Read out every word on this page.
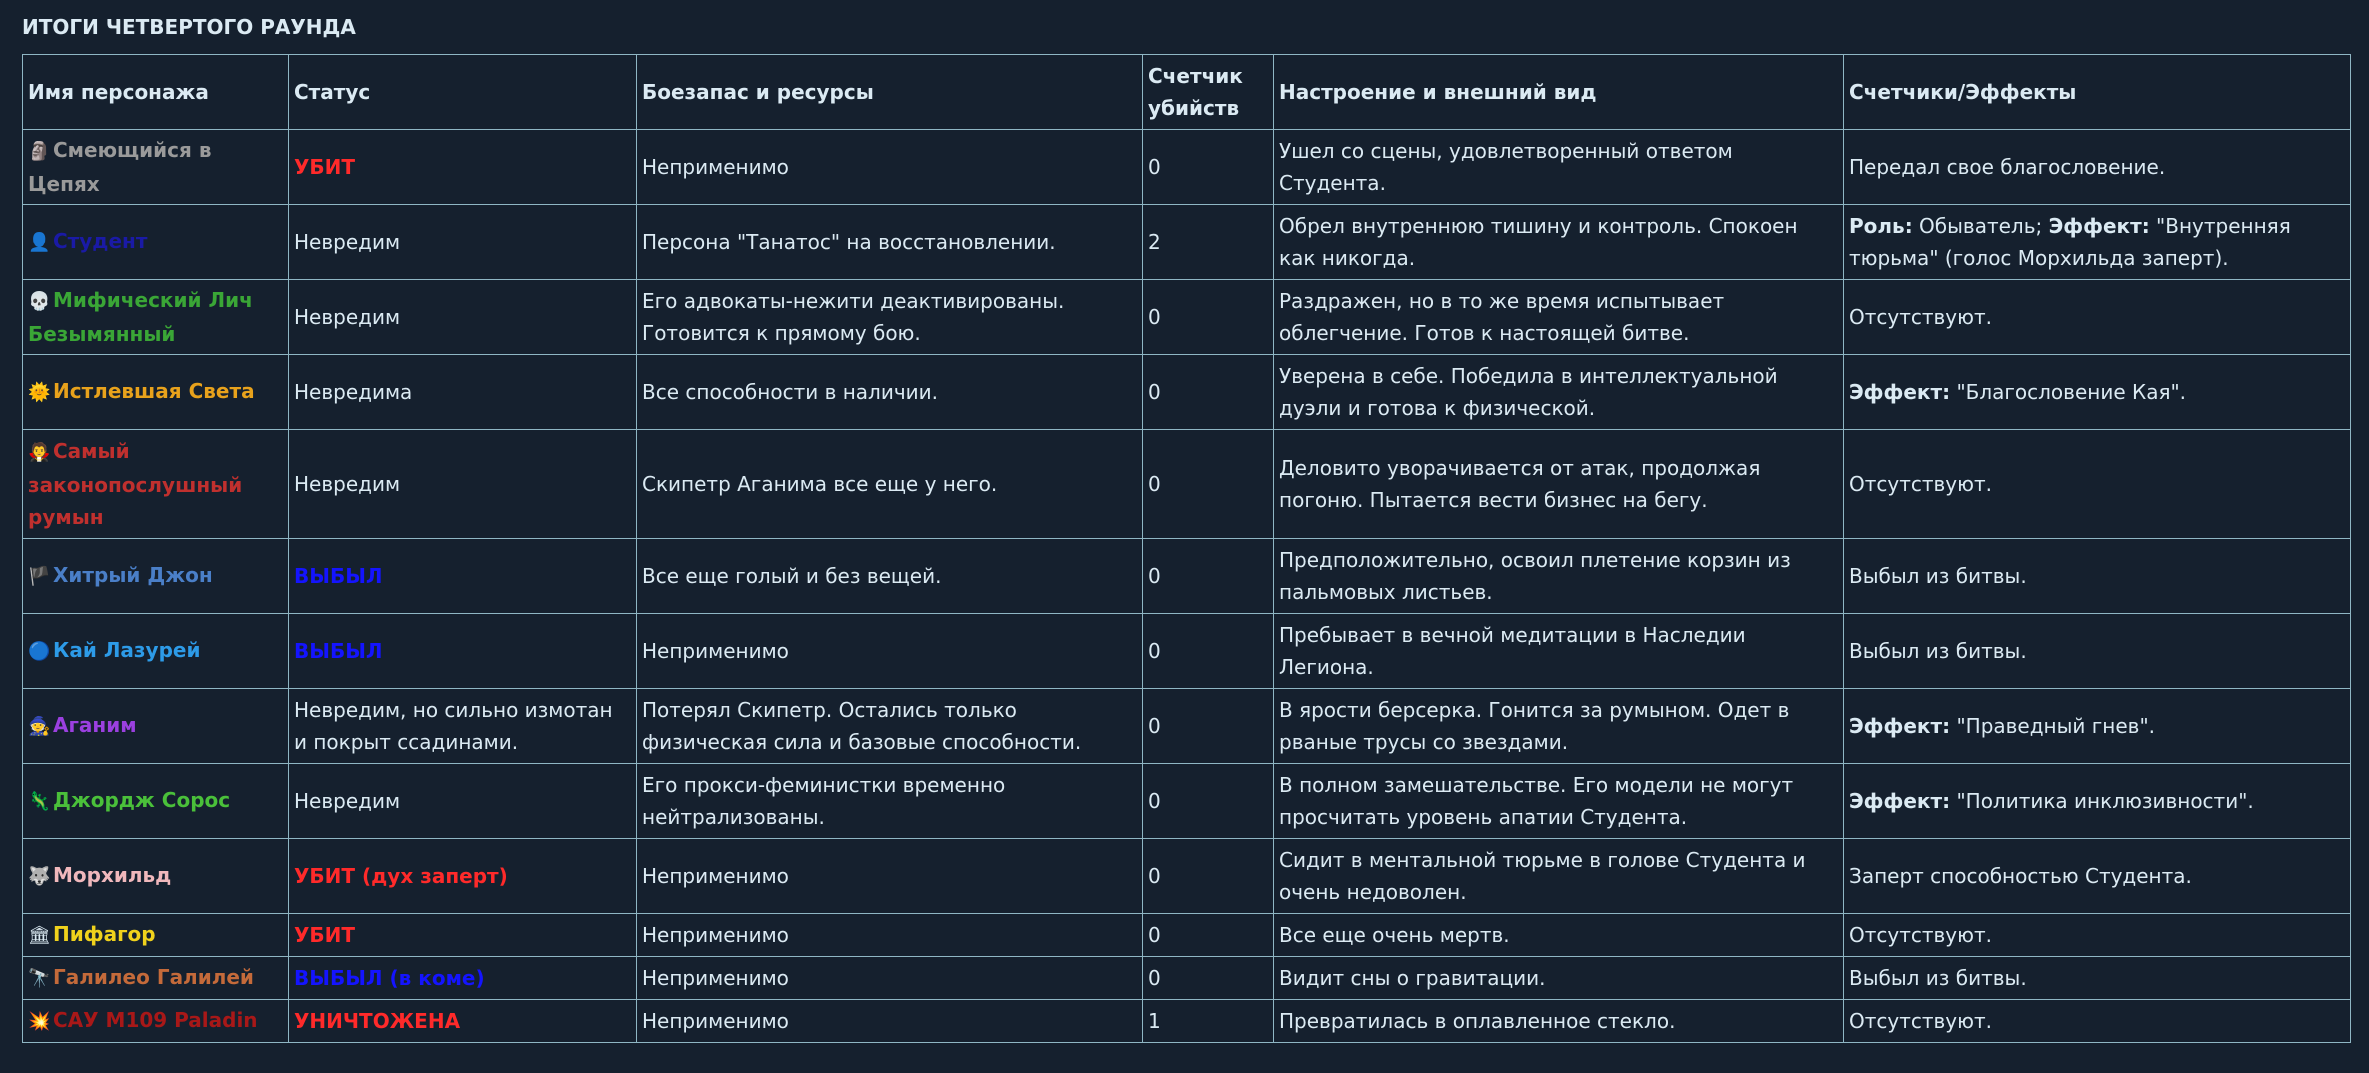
ИТОГИ ЧЕТВЕРТОГО РАУНДА
Имя персонажа	Статус	Боезапас и ресурсы	Счетчик убийств	Настроение и внешний вид	Счетчики/Эффекты
🗿 Смеющийся в Цепях	УБИТ	Неприменимо	0	Ушел со сцены, удовлетворенный ответом Студента.	Передал свое благословение.
👤 Студент	Невредим	Персона "Танатос" на восстановлении.	2	Обрел внутреннюю тишину и контроль. Спокоен как никогда.	Роль: Обыватель; Эффект: "Внутренняя тюрьма" (голос Морхильда заперт).
💀 Мифический Лич Безымянный	Невредим	Его адвокаты-нежити деактивированы. Готовится к прямому бою.	0	Раздражен, но в то же время испытывает облегчение. Готов к настоящей битве.	Отсутствуют.
🌞 Истлевшая Света	Невредима	Все способности в наличии.	0	Уверена в себе. Победила в интеллектуальной дуэли и готова к физической.	Эффект: "Благословение Кая".
🧛 Самый законопослушный румын	Невредим	Скипетр Аганима все еще у него.	0	Деловито уворачивается от атак, продолжая погоню. Пытается вести бизнес на бегу.	Отсутствуют.
🏴 Хитрый Джон	ВЫБЫЛ	Все еще голый и без вещей.	0	Предположительно, освоил плетение корзин из пальмовых листьев.	Выбыл из битвы.
🔵 Кай Лазурей	ВЫБЫЛ	Неприменимо	0	Пребывает в вечной медитации в Наследии Легиона.	Выбыл из битвы.
🧙 Аганим	Невредим, но сильно измотан и покрыт ссадинами.	Потерял Скипетр. Остались только физическая сила и базовые способности.	0	В ярости берсерка. Гонится за румыном. Одет в рваные трусы со звездами.	Эффект: "Праведный гнев".
🦎 Джордж Сорос	Невредим	Его прокси-феминистки временно нейтрализованы.	0	В полном замешательстве. Его модели не могут просчитать уровень апатии Студента.	Эффект: "Политика инклюзивности".
🐺 Морхильд	УБИТ (дух заперт)	Неприменимо	0	Сидит в ментальной тюрьме в голове Студента и очень недоволен.	Заперт способностью Студента.
🏛 Пифагор	УБИТ	Неприменимо	0	Все еще очень мертв.	Отсутствуют.
🔭 Галилео Галилей	ВЫБЫЛ (в коме)	Неприменимо	0	Видит сны о гравитации.	Выбыл из битвы.
💥 САУ M109 Paladin	УНИЧТОЖЕНА	Неприменимо	1	Превратилась в оплавленное стекло.	Отсутствуют.
